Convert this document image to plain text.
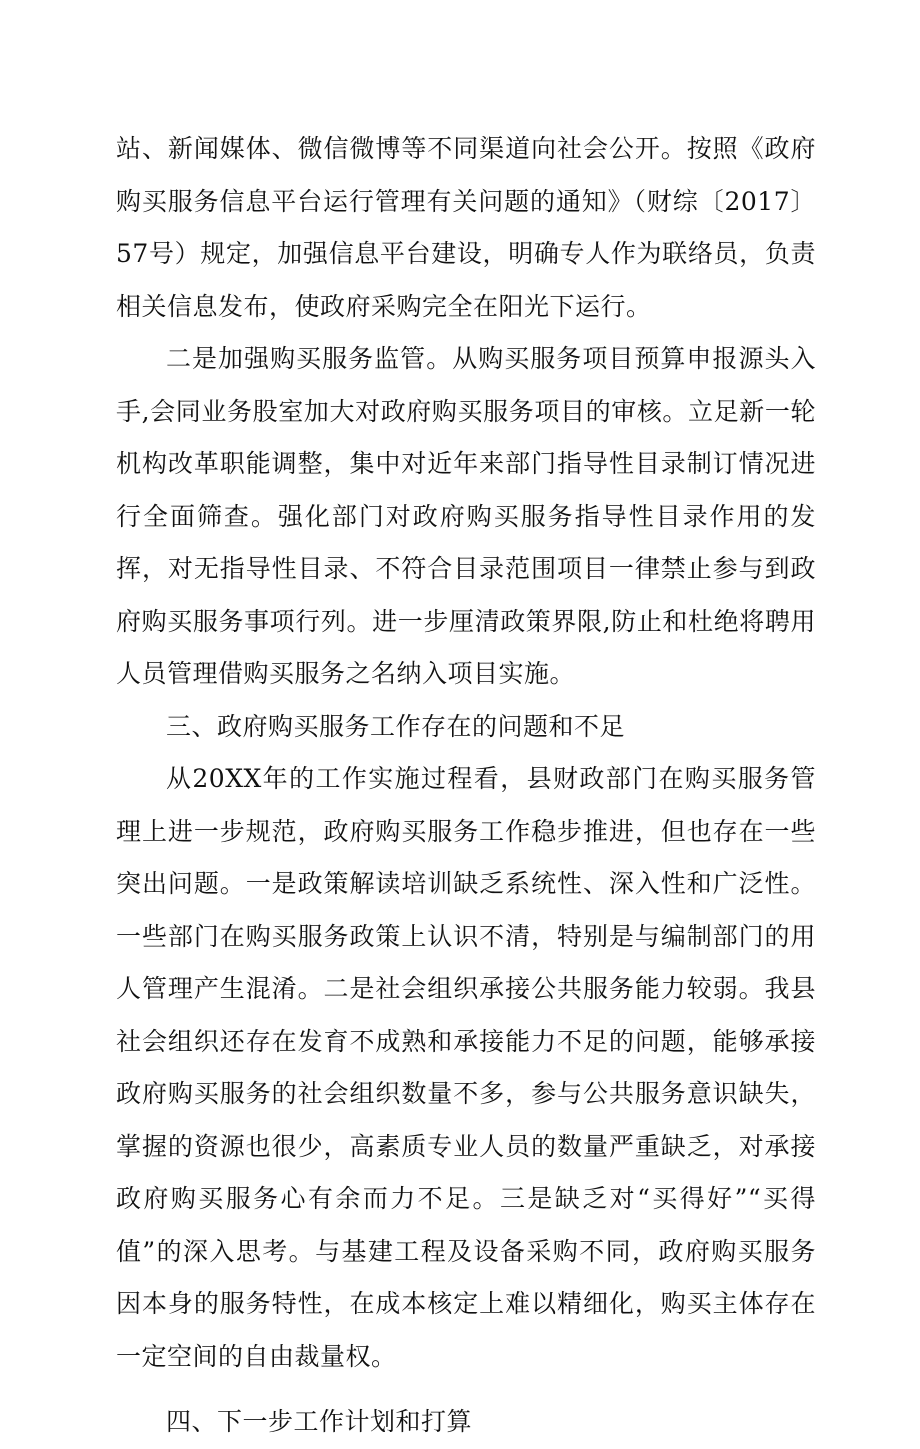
站、新闻媒体、微信微博等不同渠道向社会公开。按照《政府购买服务信息平台运行管理有关问题的通知》（财综〔2017〕57号）规定，加强信息平台建设，明确专人作为联络员，负责相关信息发布，使政府采购完全在阳光下运行。

二是加强购买服务监管。从购买服务项目预算申报源头入手,会同业务股室加大对政府购买服务项目的审核。立足新一轮机构改革职能调整，集中对近年来部门指导性目录制订情况进行全面筛查。强化部门对政府购买服务指导性目录作用的发挥，对无指导性目录、不符合目录范围项目一律禁止参与到政府购买服务事项行列。进一步厘清政策界限,防止和杜绝将聘用人员管理借购买服务之名纳入项目实施。

三、政府购买服务工作存在的问题和不足

从20XX年的工作实施过程看，县财政部门在购买服务管理上进一步规范，政府购买服务工作稳步推进，但也存在一些突出问题。一是政策解读培训缺乏系统性、深入性和广泛性。一些部门在购买服务政策上认识不清，特别是与编制部门的用人管理产生混淆。二是社会组织承接公共服务能力较弱。我县社会组织还存在发育不成熟和承接能力不足的问题，能够承接政府购买服务的社会组织数量不多，参与公共服务意识缺失，掌握的资源也很少，高素质专业人员的数量严重缺乏，对承接政府购买服务心有余而力不足。三是缺乏对“买得好”“买得值”的深入思考。与基建工程及设备采购不同，政府购买服务因本身的服务特性，在成本核定上难以精细化，购买主体存在一定空间的自由裁量权。

四、下一步工作计划和打算
